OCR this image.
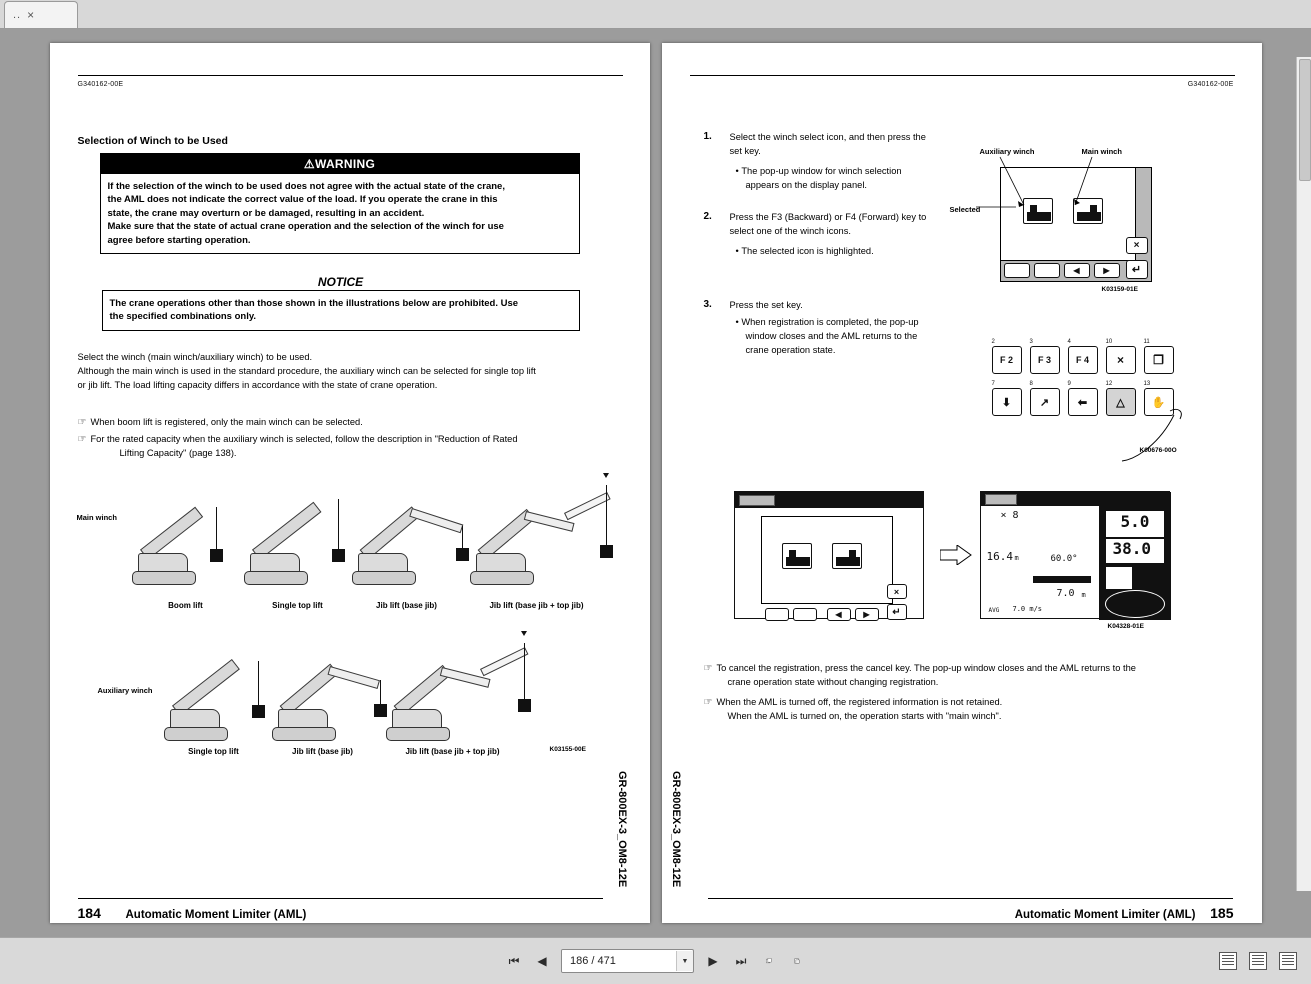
.. ×
G340162-00E
Selection of Winch to be Used
⚠WARNING
If the selection of the winch to be used does not agree with the actual state of the crane,
the AML does not indicate the correct value of the load. If you operate the crane in this
state, the crane may overturn or be damaged, resulting in an accident.
Make sure that the state of actual crane operation and the selection of the winch for use
agree before starting operation.
NOTICE
The crane operations other than those shown in the illustrations below are prohibited. Use
the specified combinations only.
Select the winch (main winch/auxiliary winch) to be used.
Although the main winch is used in the standard procedure, the auxiliary winch can be selected for single top lift
or jib lift. The load lifting capacity differs in accordance with the state of crane operation.
☞ When boom lift is registered, only the main winch can be selected.
☞ For the rated capacity when the auxiliary winch is selected, follow the description in "Reduction of Rated
Lifting Capacity" (page 138).
Main winch
Boom lift	Single top lift	Jib lift (base jib)	Jib lift (base jib + top jib)
Auxiliary winch
Single top lift	Jib lift (base jib)	Jib lift (base jib + top jib)	K03155-00E
GR-800EX-3_OM8-12E
184 Automatic Moment Limiter (AML)
G340162-00E
1. Select the winch select icon, and then press the
set key.
• The pop-up window for winch selection
appears on the display panel.
2. Press the F3 (Backward) or F4 (Forward) key to
select one of the winch icons.
• The selected icon is highlighted.
3. Press the set key.
• When registration is completed, the pop-up
window closes and the AML returns to the
crane operation state.
Auxiliary winch	Main winch
Selected
◀	▶
×
↵
K03159-01E
2
F 2
3
F 3
4
F 4
10
×
11
❐
7
⬇
8
↗
9
⬅
12
△
13
✋
K00676-00O
◀	▶
×
↵
× 8
16.4 m	60.0°
7.0 m
AVG 7.0 m/s
5.0
38.0
K04328-01E
☞ To cancel the registration, press the cancel key. The pop-up window closes and the AML returns to the
crane operation state without changing registration.
☞ When the AML is turned off, the registered information is not retained.
When the AML is turned on, the operation starts with "main winch".
GR-800EX-3_OM8-12E
185
Automatic Moment Limiter (AML)
⏮	◀
186 / 471	▼	▶	⏭
